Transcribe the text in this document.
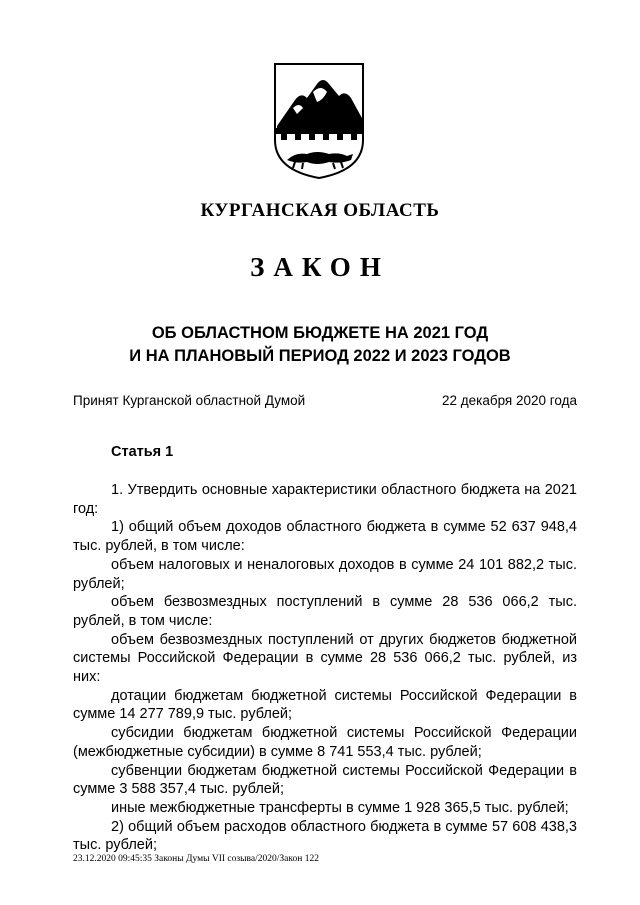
КУРГАНСКАЯ ОБЛАСТЬ
ЗАКОН
ОБ ОБЛАСТНОМ БЮДЖЕТЕ НА 2021 ГОД
И НА ПЛАНОВЫЙ ПЕРИОД 2022 И 2023 ГОДОВ
Принят Курганской областной Думой	22 декабря 2020 года
Статья 1

1. Утвердить основные характеристики областного бюджета на 2021 год:

1) общий объем доходов областного бюджета в сумме 52 637 948,4 тыс. рублей, в том числе:

объем налоговых и неналоговых доходов в сумме 24 101 882,2 тыс. рублей;

объем безвозмездных поступлений в сумме 28 536 066,2 тыс. рублей, в том числе:

объем безвозмездных поступлений от других бюджетов бюджетной системы Российской Федерации в сумме 28 536 066,2 тыс. рублей, из них:

дотации бюджетам бюджетной системы Российской Федерации в сумме 14 277 789,9 тыс. рублей;

субсидии бюджетам бюджетной системы Российской Федерации (межбюджетные субсидии) в сумме 8 741 553,4 тыс. рублей;

субвенции бюджетам бюджетной системы Российской Федерации в сумме 3 588 357,4 тыс. рублей;

иные межбюджетные трансферты в сумме 1 928 365,5 тыс. рублей;

2) общий объем расходов областного бюджета в сумме 57 608 438,3 тыс. рублей;

23.12.2020 09:45:35 Законы Думы VII созыва/2020/Закон 122
